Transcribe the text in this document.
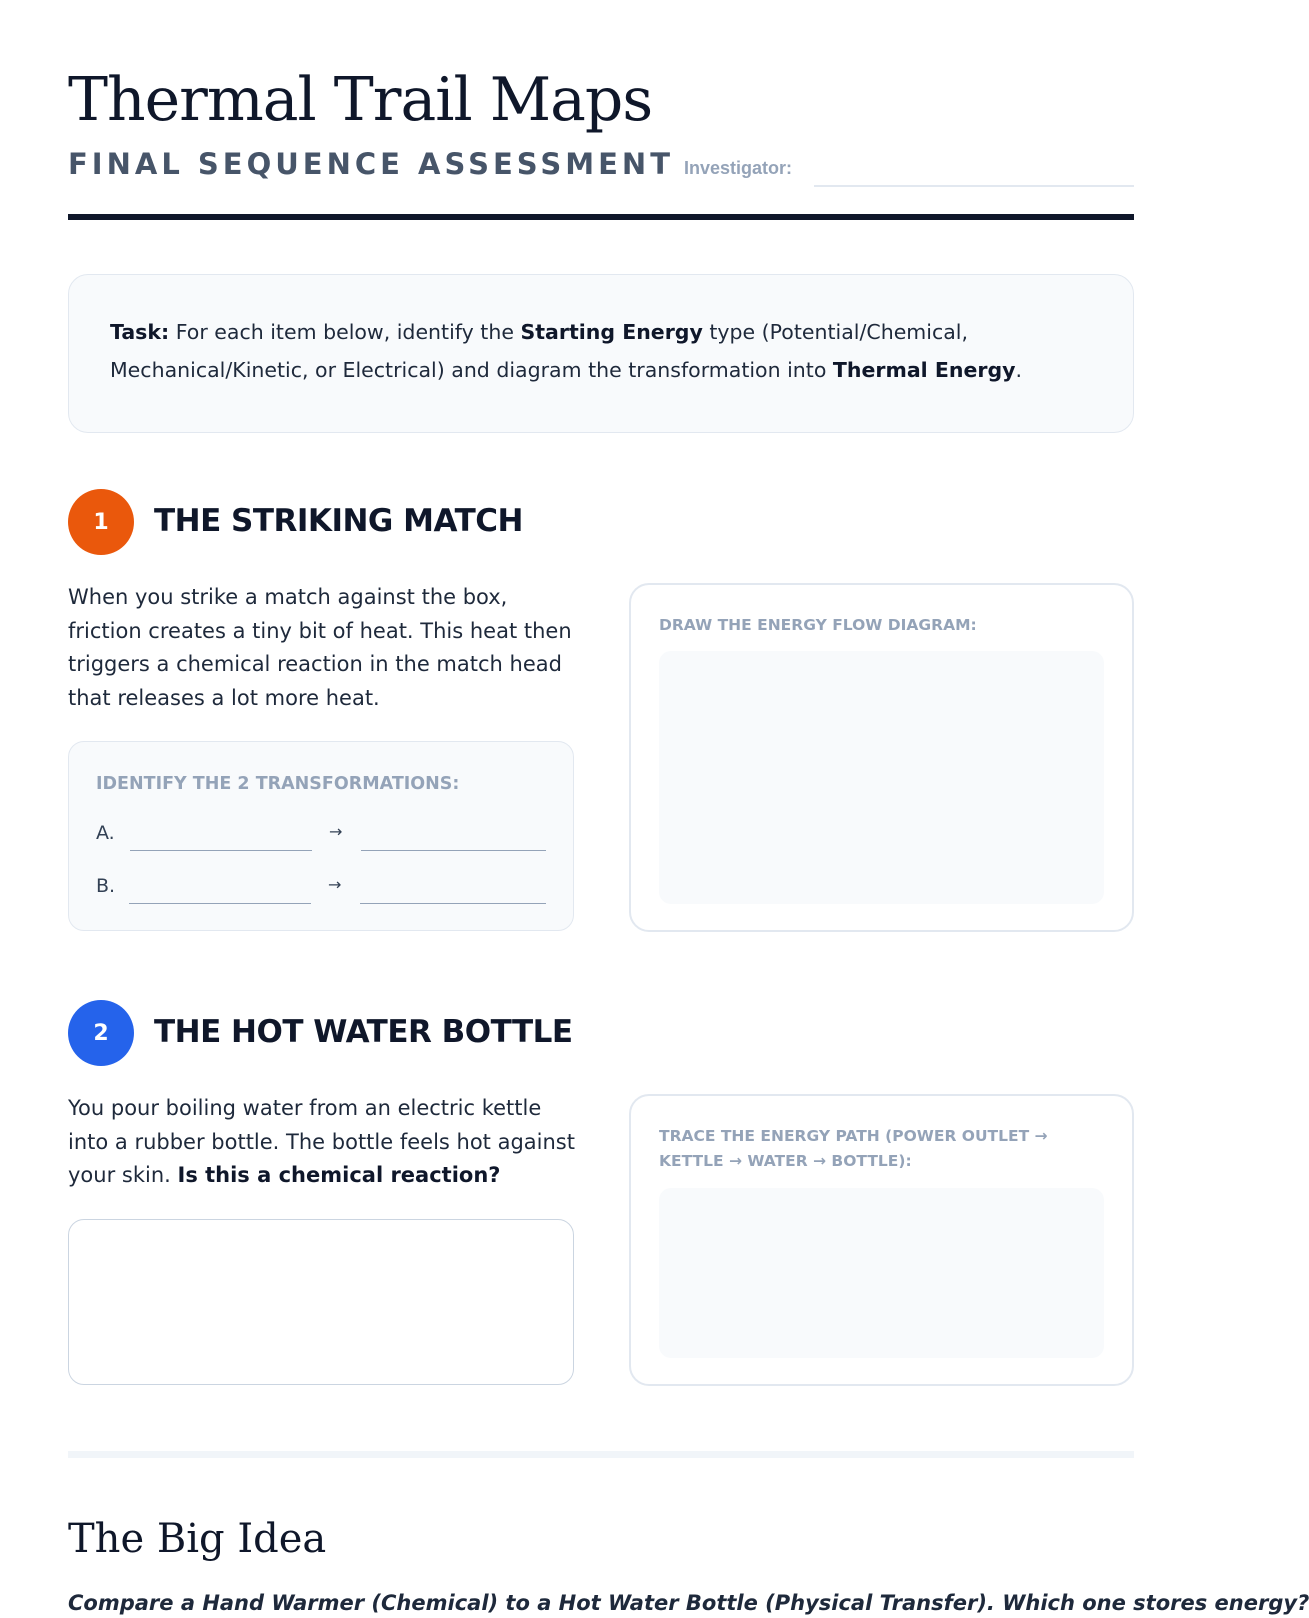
Thermal Trail Maps
FINAL SEQUENCE ASSESSMENT Investigator:

Task: For each item below, identify the Starting Energy type (Potential/Chemical, Mechanical/Kinetic, or Electrical) and diagram the transformation into Thermal Energy.

1	THE STRIKING MATCH

When you strike a match against the box, friction creates a tiny bit of heat. This heat then triggers a chemical reaction in the match head that releases a lot more heat.

IDENTIFY THE 2 TRANSFORMATIONS:
A.	→
B.	→
DRAW THE ENERGY FLOW DIAGRAM:
2	THE HOT WATER BOTTLE

You pour boiling water from an electric kettle into a rubber bottle. The bottle feels hot against your skin. Is this a chemical reaction?

TRACE THE ENERGY PATH (POWER OUTLET → KETTLE → WATER → BOTTLE):
The Big Idea

Compare a Hand Warmer (Chemical) to a Hot Water Bottle (Physical Transfer). Which one stores energy?
